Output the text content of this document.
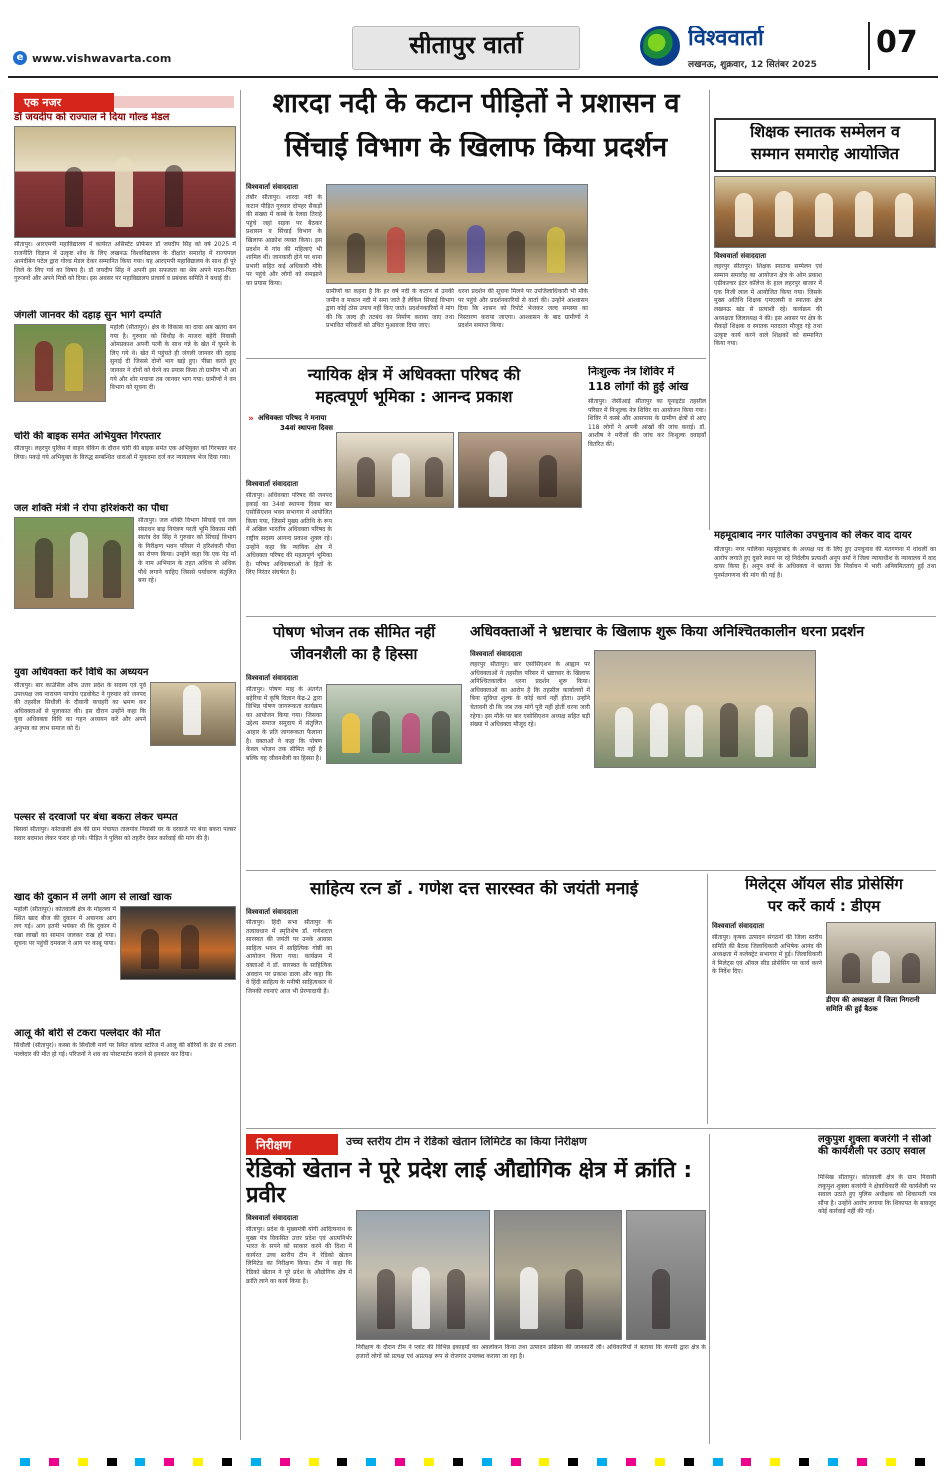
e www.vishwavarta.com	सीतापुर वार्ता	विश्ववार्ता
लखनऊ, शुक्रवार, 12 सितंबर 2025
07
एक नजर
डॉ जयदीप को राज्पाल ने दिया गोल्ड मेडल
सीतापुर। आरएमपी महाविद्यालय में कार्यरत असिस्टेंट प्रोफेसर डॉ जयदीप सिंह को वर्ष 2025 में राजनीति विज्ञान में उत्कृष्ट शोध के लिए लखनऊ विश्वविद्यालय के दीक्षांत समारोह में राज्यपाल आनंदीबेन पटेल द्वारा गोल्ड मेडल देकर सम्मानित किया गया। यह आरएमपी महाविद्यालय के साथ ही पूरे जिले के लिए गर्व का विषय है। डॉ जयदीप सिंह ने अपनी इस सफलता का श्रेय अपने माता-पिता गुरुजनों और अपने मित्रों को दिया। इस अवसर पर महाविद्यालय प्राचार्य व प्रबंधक समिति ने बधाई दी।
जंगली जानवर की दहाड़ सुन भागे दम्पति
महोली (सीतापुर)। क्षेत्र के विकास का दावा अब खतरा बन गया है। गुरुवार को सिधौड़ के माजरा बहेरी निवासी ओमप्रकाश अपनी पत्नी के साथ गन्ने के खेत में घूमने के लिए गये थे। खेत में पहुंचते ही जंगली जानवर की दहाड़ सुनाई दी जिससे दोनों भाग खड़े हुए। पीछा करते हुए जानवर ने दोनों को घेरने का प्रयास किया तो ग्रामीण भी आ गये और शोर मचाया तब जानवर भाग गया। ग्रामीणों ने वन विभाग को सूचना दी।
चोरी की बाइक समेत अभियुक्त गिरफ्तार
सीतापुर। लहरपुर पुलिस ने वाहन चेकिंग के दौरान चोरी की बाइक समेत एक अभियुक्त को गिरफ्तार कर लिया। पकड़े गये अभियुक्त के विरुद्ध सम्बन्धित धाराओं में मुकदमा दर्ज कर न्यायालय भेज दिया गया।
जल शक्ति मंत्री ने रोपा हरिशंकरी का पौधा
सीतापुर। जल शक्ति विभाग सिंचाई एवं जल संसाधन बाढ़ नियंत्रण परती भूमि विकास मंत्री स्वतंत्र देव सिंह ने गुरुवार को सिंचाई विभाग के निरीक्षण भवन परिसर में हरिशंकरी पौधा का रोपण किया। उन्होंने कहा कि एक पेड़ माँ के नाम अभियान के तहत अधिक से अधिक पौधे लगाने चाहिए जिससे पर्यावरण संतुलित बना रहे।
युवा अधिवक्ता करें विधि का अध्ययन
सीतापुर। बार काउंसिल ऑफ उत्तर प्रदेश के सदस्य एवं पूर्व उपाध्यक्ष जय नारायण पाण्डेय एडवोकेट ने गुरुवार को जनपद की तहसील सिधौली के दीवानी कचहरी का भ्रमण कर अधिवक्ताओं से मुलाकात की। इस दौरान उन्होंने कहा कि युवा अधिवक्ता विधि का गहन अध्ययन करें और अपने अनुभव का लाभ समाज को दें।
पल्सर से दरवाजों पर बंधा बकरा लेकर चम्पत
बिसवां सीतापुर। कोतवाली क्षेत्र की ग्राम पंचायत तालगांव निवासी घर के दरवाजे पर बंधा बकरा पल्सर सवार बदमाश लेकर फरार हो गये। पीड़ित ने पुलिस को तहरीर देकर कार्रवाई की मांग की है।
खाद की दुकान में लगी आग से लाखों खाक
महोली (सीतापुर)। कोतवाली क्षेत्र के मोहल्ला में स्थित खाद बीज की दुकान में अचानक आग लग गई। आग इतनी भयंकर थी कि दुकान में रखा लाखों का सामान जलकर राख हो गया। सूचना पर पहुंची दमकल ने आग पर काबू पाया।
आलू की बोरी से टकरा पल्लेदार की मौत
सिधौली (सीतापुर)। कस्बा के सिधौली मार्ग पर स्थित कोल्ड स्टोरेज में आलू की बोरियाँ के ढेर से टकरा पल्लेदार की मौत हो गई। परिजनों ने शव का पोस्टमार्टम कराने से इनकार कर दिया।
शारदा नदी के कटान पीड़ितों ने प्रशासन व
सिंचाई विभाग के खिलाफ किया प्रदर्शन
विश्ववार्ता संवाददाता
तंबौर सीतापुर। शारदा नदी के कटान पीड़ित गुरुवार दोपहर सैकड़ों की संख्या में कस्बे के रेलवा तिराहे पहुंचे जहां सड़क पर बैठकर प्रशासन व सिंचाई विभाग के खिलाफ आक्रोश व्यक्त किया। इस प्रदर्शन में गांव की महिलाएं भी शामिल थीं। जानकारी होने पर थाना प्रभारी सहित कई अधिकारी मौके पर पहुंचे और लोगों को समझाने का प्रयास किया।
ग्रामीणों का कहना है कि हर वर्ष नदी के कटान से उनकी जमीन व मकान नदी में समा जाते हैं लेकिन सिंचाई विभाग द्वारा कोई ठोस उपाय नहीं किए जाते। प्रदर्शनकारियों ने मांग की कि जल्द ही तटबंध का निर्माण कराया जाए तथा प्रभावित परिवारों को उचित मुआवजा दिया जाए।
धरना प्रदर्शन की सूचना मिलने पर उपजिलाधिकारी भी मौके पर पहुंचे और प्रदर्शनकारियों से वार्ता की। उन्होंने आश्वासन दिया कि शासन को रिपोर्ट भेजकर जल्द समस्या का निस्तारण कराया जाएगा। आश्वासन के बाद ग्रामीणों ने प्रदर्शन समाप्त किया।
शिक्षक स्नातक सम्मेलन व
सम्मान समारोह आयोजित
विश्ववार्ता संवाददाता
लहरपुर सीतापुर। शिक्षक स्नातक सम्मेलन एवं सम्मान समारोह का आयोजन क्षेत्र के ओम प्रकाश एग्रीकल्चर इंटर कॉलेज के हाल लहरपुर बाजार में एक निजी लाल में आयोजित किया गया। जिसके मुख्य अतिथि शिक्षक एमएलसी व स्नातक क्षेत्र लखनऊ खंड से प्रत्याशी रहे। कार्यक्रम की अध्यक्षता जिलाध्यक्ष ने की। इस अवसर पर क्षेत्र के सैकड़ों शिक्षक व स्नातक मतदाता मौजूद रहे तथा उत्कृष्ट कार्य करने वाले शिक्षकों को सम्मानित किया गया।
न्यायिक क्षेत्र में अधिवक्ता परिषद की
महत्वपूर्ण भूमिका : आनन्द प्रकाश
» अधिवक्ता परिषद ने मनाया
34वां स्थापना दिवस
विश्ववार्ता संवाददाता
सीतापुर। अधिवक्ता परिषद की जनपद इकाई का 34वां स्थापना दिवस बार एसोसिएशन भवन सभागार में आयोजित किया गया, जिसमें मुख्य अतिथि के रूप में अखिल भारतीय अधिवक्ता परिषद के राष्ट्रीय सदस्य आनन्द प्रकाश शुक्ल रहे। उन्होंने कहा कि न्यायिक क्षेत्र में अधिवक्ता परिषद की महत्वपूर्ण भूमिका है। परिषद अधिवक्ताओं के हितों के लिए निरंतर संघर्षरत है।
निःशुल्क नेत्र शिविर में
118 लोगों की हुई आंख
सीतापुर। जेसीआई सीतापुर का यूनाइटेड तहसील परिसर में निःशुल्क नेत्र शिविर का आयोजन किया गया। शिविर में कस्बे और आसपास के ग्रामीण क्षेत्रों से आए 118 लोगों ने अपनी आंखों की जांच कराई। डॉ. आशीष ने मरीजों की जांच कर निःशुल्क दवाइयाँ वितरित कीं।
महमूदाबाद नगर पालिका उपचुनाव को लेकर वाद दायर
सीतापुर। नगर पालिका महमूदाबाद के अध्यक्ष पद के लिए हुए उपचुनाव की मतगणना में धांधली का आरोप लगाते हुए दूसरे स्थान पर रहे निर्दलीय प्रत्याशी अनूप वर्मा ने जिला न्यायाधीश के न्यायालय में वाद दायर किया है। अनूप वर्मा के अधिवक्ता ने बताया कि निर्वाचन में भारी अनियमितताएं हुईं तथा पुनर्मतगणना की मांग की गई है।
पोषण भोजन तक सीमित नहीं
जीवनशैली का है हिस्सा
विश्ववार्ता संवाददाता
सीतापुर। पोषण माह के अंतर्गत बहेरिया में कृषि विज्ञान केंद्र-2 द्वारा विभिन्न पोषण जागरूकता कार्यक्रम का आयोजन किया गया। जिसका उद्देश्य समाज समुदाय में संतुलित आहार के प्रति जागरूकता फैलाना है। वक्ताओं ने कहा कि पोषण केवल भोजन तक सीमित नहीं है बल्कि यह जीवनशैली का हिस्सा है।
अधिवक्ताओं ने भ्रष्टाचार के खिलाफ शुरू किया अनिश्चितकालीन धरना प्रदर्शन
विश्ववार्ता संवाददाता
लहरपुर सीतापुर। बार एसोसिएशन के आह्वान पर अधिवक्ताओं ने तहसील परिसर में भ्रष्टाचार के खिलाफ अनिश्चितकालीन धरना प्रदर्शन शुरू किया। अधिवक्ताओं का आरोप है कि तहसील कार्यालयों में बिना सुविधा शुल्क के कोई कार्य नहीं होता। उन्होंने चेतावनी दी कि जब तक मांगें पूरी नहीं होतीं धरना जारी रहेगा। इस मौके पर बार एसोसिएशन अध्यक्ष सहित बड़ी संख्या में अधिवक्ता मौजूद रहे।
साहित्य रत्न डॉ . गणेश दत्त सारस्वत की जयंती मनाई
विश्ववार्ता संवाददाता
सीतापुर। हिंदी सभा सीतापुर के तत्वावधान में स्मृतिशेष डॉ. गणेशदत्त सारस्वत की जयंती पर उनके आवास साहित्य भवन में साहित्यिक गोष्ठी का आयोजन किया गया। कार्यक्रम में वक्ताओं ने डॉ. सारस्वत के साहित्यिक अवदान पर प्रकाश डाला और कहा कि वे हिंदी साहित्य के मनीषी साहित्यकार थे जिनकी रचनाएं आज भी प्रेरणादायी हैं।
मिलेट्स ऑयल सीड प्रोसेसिंग
पर करें कार्य : डीएम
विश्ववार्ता संवाददाता
सीतापुर। कृषक उत्पादन संगठनों की जिला स्तरीय समिति की बैठक जिलाधिकारी अभिषेक आनंद की अध्यक्षता में कलेक्ट्रेट सभागार में हुई। जिलाधिकारी ने मिलेट्स एवं ऑयल सीड प्रोसेसिंग पर कार्य करने के निर्देश दिए।
डीएम की अध्यक्षता में जिला निगरानी समिति की हुई बैठक
निरीक्षण	उच्च स्तरीय टीम ने रेडिको खेतान लिमिटेड का किया निरीक्षण
रेडिको खेतान ने पूरे प्रदेश लाई औद्योगिक क्षेत्र में क्रांति : प्रवीर
विश्ववार्ता संवाददाता
सीतापुर। प्रदेश के मुख्यमंत्री योगी आदित्यनाथ के मुख्य मंत्र विकसित उत्तर प्रदेश एवं आत्मनिर्भर भारत के सपने को साकार करने की दिशा में कार्यरत उच्च स्तरीय टीम ने रेडिको खेतान लिमिटेड का निरीक्षण किया। टीम ने कहा कि रेडिको खेतान ने पूरे प्रदेश के औद्योगिक क्षेत्र में क्रांति लाने का कार्य किया है।
निरीक्षण के दौरान टीम ने प्लांट की विभिन्न इकाइयों का अवलोकन किया तथा उत्पादन प्रक्रिया की जानकारी ली। अधिकारियों ने बताया कि कंपनी द्वारा क्षेत्र के हजारों लोगों को प्रत्यक्ष एवं अप्रत्यक्ष रूप से रोजगार उपलब्ध कराया जा रहा है।
लकुपुश शुक्ला बजरंगी ने सीओ की कार्यशैली पर उठाए सवाल
मिश्रिख सीतापुर। कोतवाली क्षेत्र के ग्राम निवासी लकुपुश शुक्ला बजरंगी ने क्षेत्राधिकारी की कार्यशैली पर सवाल उठाते हुए पुलिस अधीक्षक को शिकायती पत्र सौंपा है। उन्होंने आरोप लगाया कि शिकायत के बावजूद कोई कार्रवाई नहीं की गई।
